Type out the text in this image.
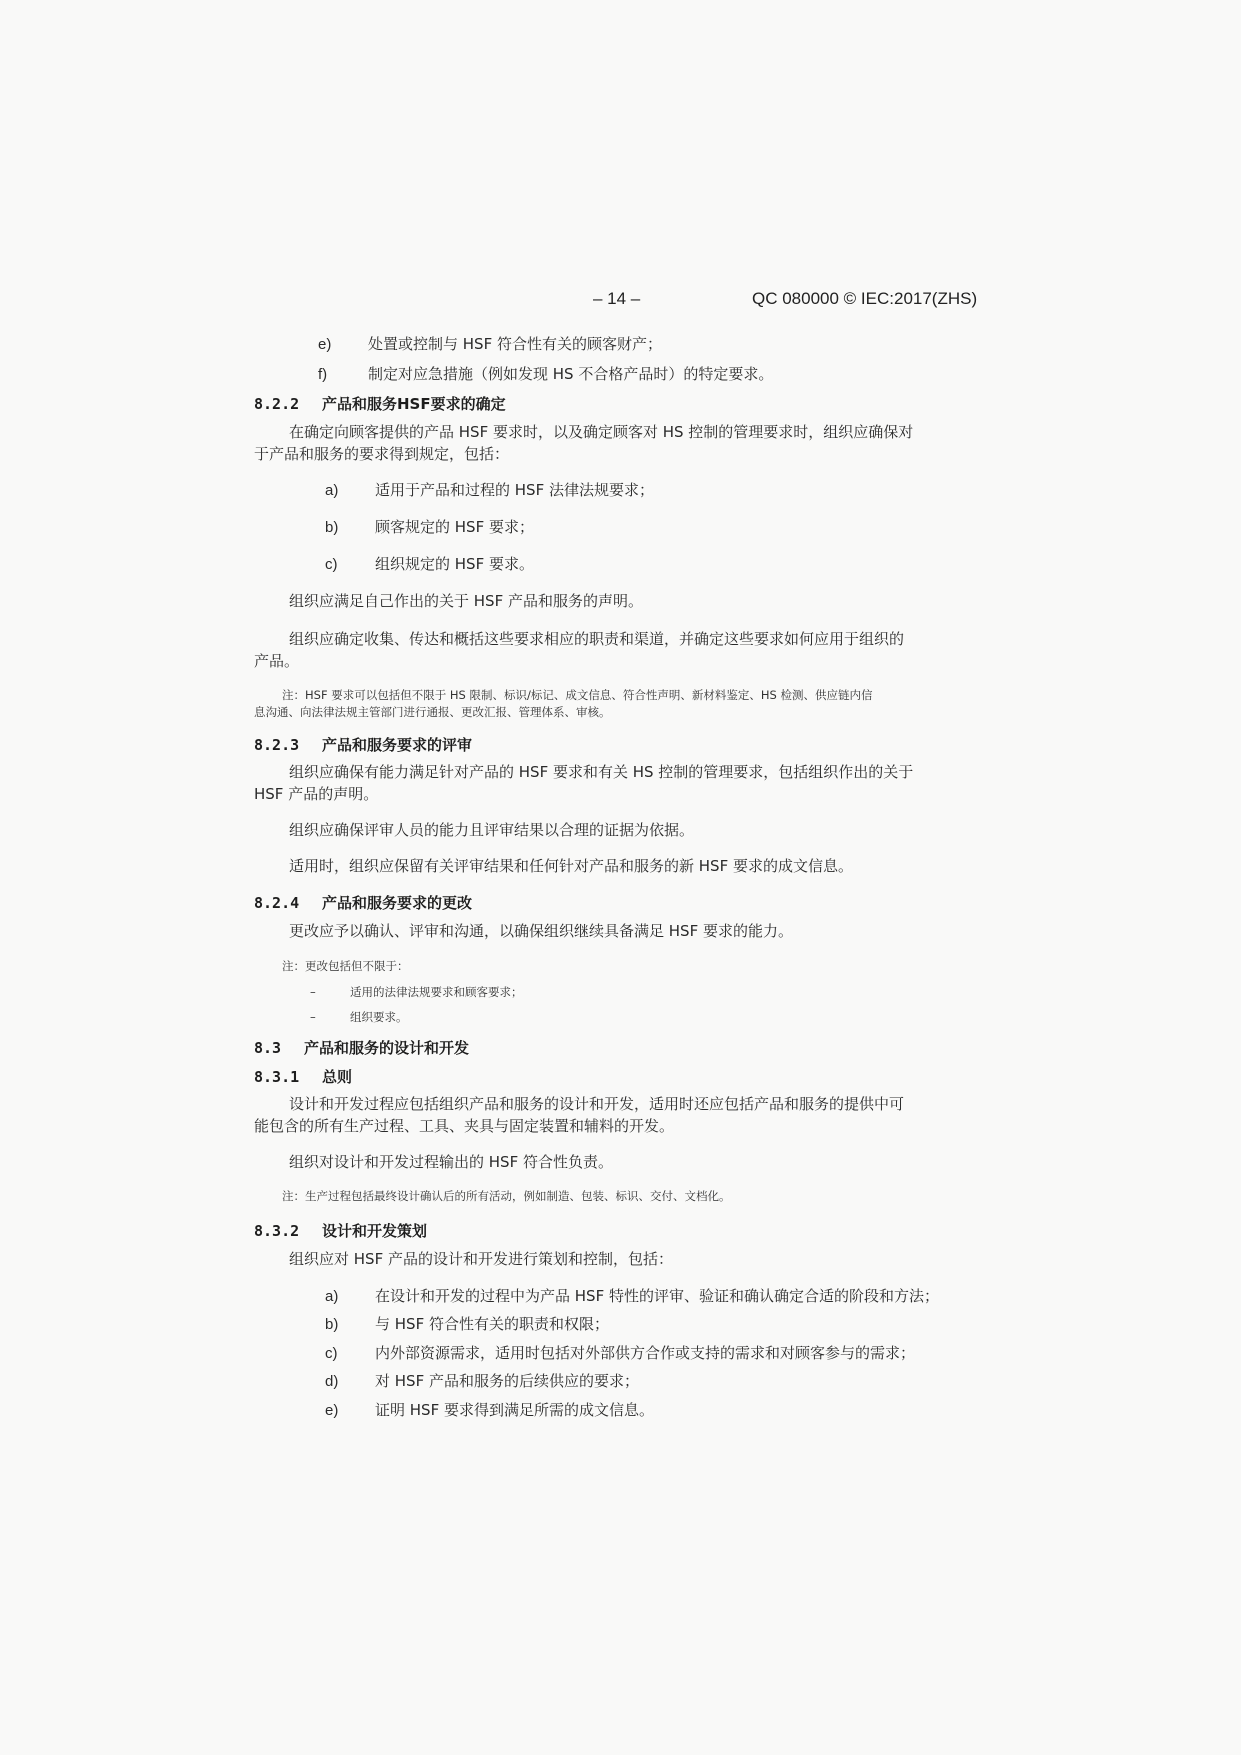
– 14 –	QC 080000 © IEC:2017(ZHS)
e) 处置或控制与 HSF 符合性有关的顾客财产；
f)	制定对应急措施（例如发现 HS 不合格产品时）的特定要求。
8.2.2 产品和服务HSF要求的确定
在确定向顾客提供的产品 HSF 要求时，以及确定顾客对 HS 控制的管理要求时，组织应确保对
于产品和服务的要求得到规定，包括：
a) 适用于产品和过程的 HSF 法律法规要求；
b) 顾客规定的 HSF 要求；
c)	组织规定的 HSF 要求。
组织应满足自己作出的关于 HSF 产品和服务的声明。
组织应确定收集、传达和概括这些要求相应的职责和渠道，并确定这些要求如何应用于组织的
产品。
注：HSF 要求可以包括但不限于 HS 限制、标识/标记、成文信息、符合性声明、新材料鉴定、HS 检测、供应链内信
息沟通、向法律法规主管部门进行通报、更改汇报、管理体系、审核。
8.2.3 产品和服务要求的评审
组织应确保有能力满足针对产品的 HSF 要求和有关 HS 控制的管理要求，包括组织作出的关于
HSF 产品的声明。
组织应确保评审人员的能力且评审结果以合理的证据为依据。
适用时，组织应保留有关评审结果和任何针对产品和服务的新 HSF 要求的成文信息。
8.2.4 产品和服务要求的更改
更改应予以确认、评审和沟通，以确保组织继续具备满足 HSF 要求的能力。
注：更改包括但不限于：
–	适用的法律法规要求和顾客要求；
–	组织要求。
8.3 产品和服务的设计和开发
8.3.1 总则
设计和开发过程应包括组织产品和服务的设计和开发，适用时还应包括产品和服务的提供中可
能包含的所有生产过程、工具、夹具与固定装置和辅料的开发。
组织对设计和开发过程输出的 HSF 符合性负责。
注：生产过程包括最终设计确认后的所有活动，例如制造、包装、标识、交付、文档化。
8.3.2 设计和开发策划
组织应对 HSF 产品的设计和开发进行策划和控制，包括：
a) 在设计和开发的过程中为产品 HSF 特性的评审、验证和确认确定合适的阶段和方法；
b) 与 HSF 符合性有关的职责和权限；
c)	内外部资源需求，适用时包括对外部供方合作或支持的需求和对顾客参与的需求；
d) 对 HSF 产品和服务的后续供应的要求；
e) 证明 HSF 要求得到满足所需的成文信息。
